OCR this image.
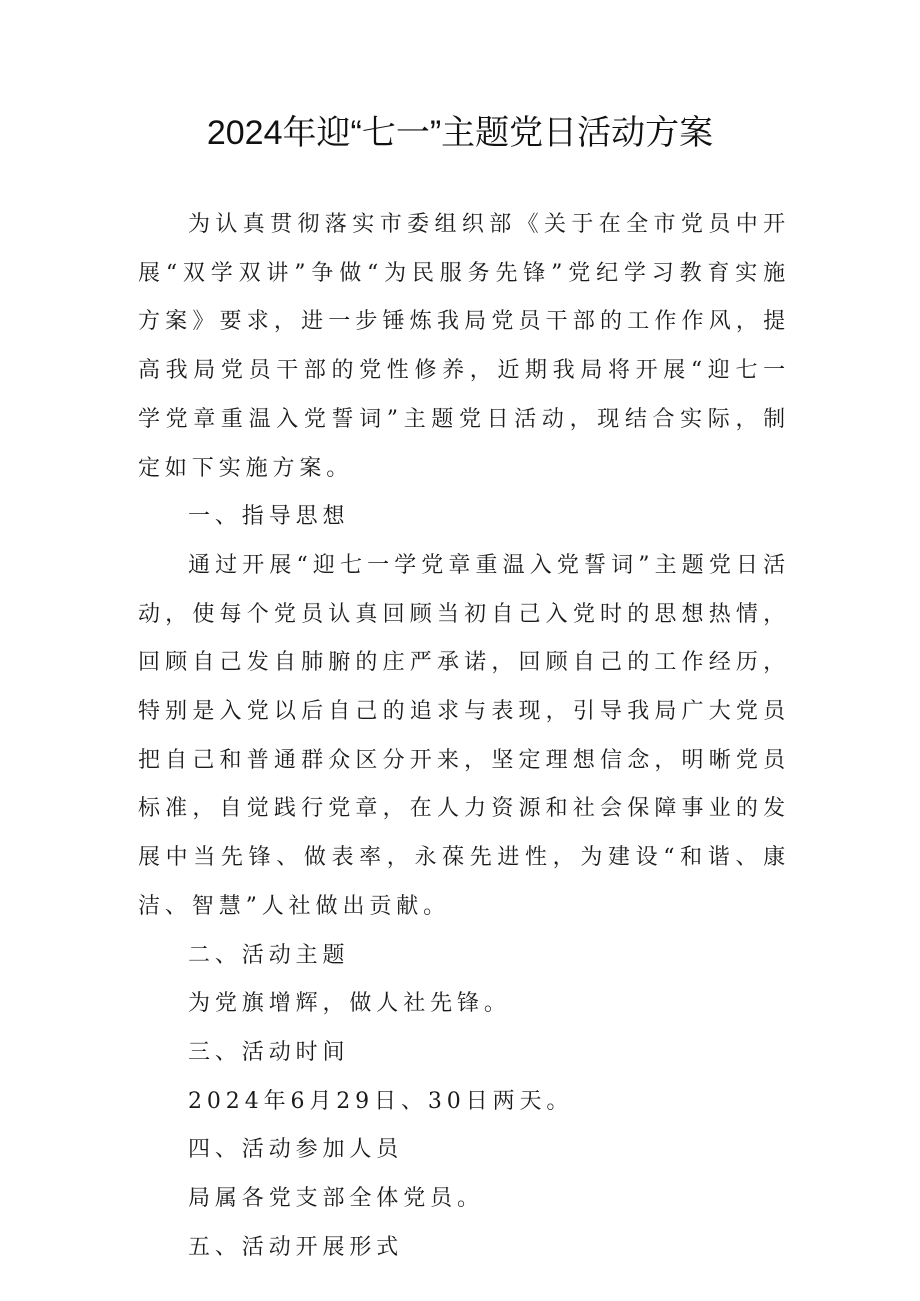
2024年迎“七一”主题党日活动方案

为认真贯彻落实市委组织部《关于在全市党员中开展“双学双讲”争做“为民服务先锋”党纪学习教育实施方案》要求，进一步锤炼我局党员干部的工作作风，提高我局党员干部的党性修养，近期我局将开展“迎七一学党章重温入党誓词”主题党日活动，现结合实际，制定如下实施方案。

一、指导思想

通过开展“迎七一学党章重温入党誓词”主题党日活动，使每个党员认真回顾当初自己入党时的思想热情，回顾自己发自肺腑的庄严承诺，回顾自己的工作经历，特别是入党以后自己的追求与表现，引导我局广大党员把自己和普通群众区分开来，坚定理想信念，明晰党员标准，自觉践行党章，在人力资源和社会保障事业的发展中当先锋、做表率，永葆先进性，为建设“和谐、康洁、智慧”人社做出贡献。

二、活动主题

为党旗增辉，做人社先锋。

三、活动时间

2024年6月29日、30日两天。

四、活动参加人员

局属各党支部全体党员。

五、活动开展形式
